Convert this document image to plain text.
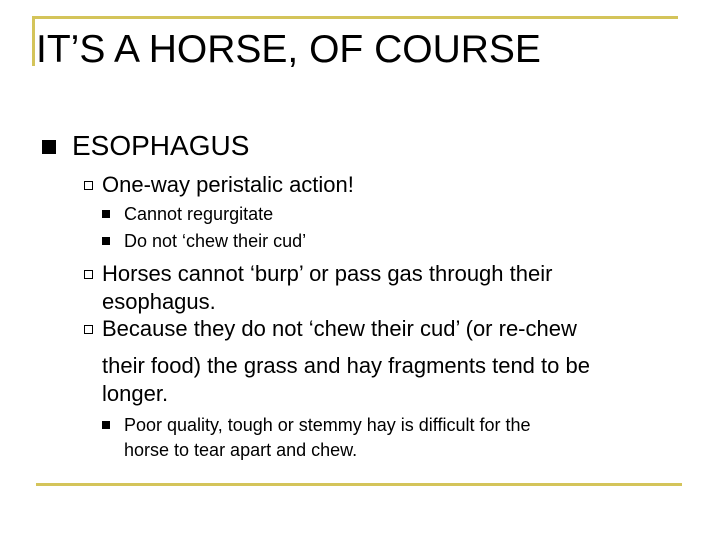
IT’S A HORSE, OF COURSE
ESOPHAGUS
One-way peristalic action!
Cannot regurgitate
Do not ‘chew their cud’
Horses cannot ‘burp’ or pass gas through their
esophagus.
Because they do not ‘chew their cud’ (or re-chew
their food) the grass and hay fragments tend to be
longer.
Poor quality, tough or stemmy hay is difficult for the
horse to tear apart and chew.
